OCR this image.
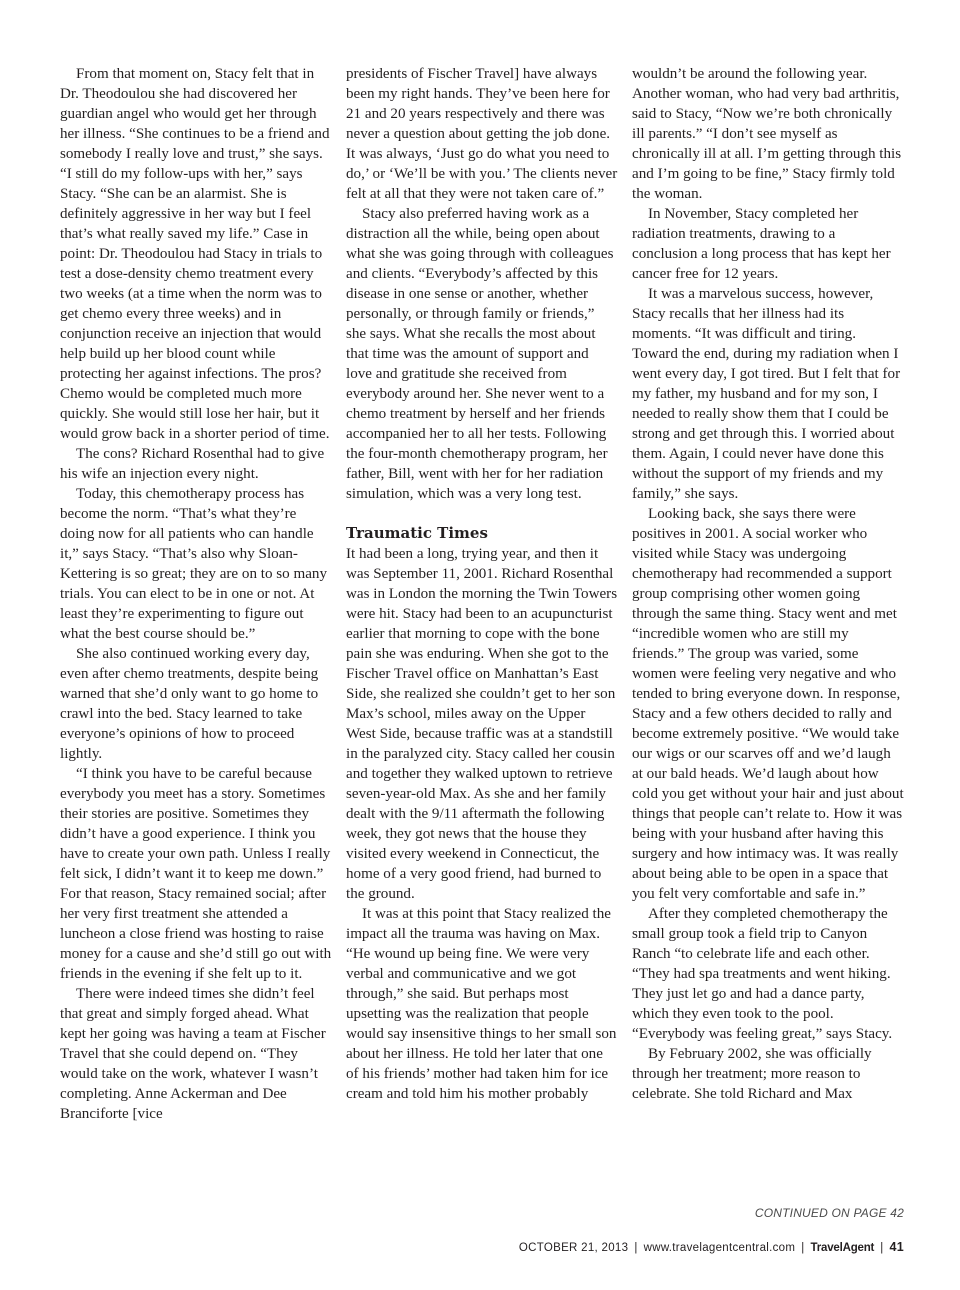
From that moment on, Stacy felt that in Dr. Theodoulou she had discovered her guardian angel who would get her through her illness. “She continues to be a friend and somebody I really love and trust,” she says. “I still do my follow-ups with her,” says Stacy. “She can be an alarmist. She is definitely aggressive in her way but I feel that’s what really saved my life.” Case in point: Dr. Theodoulou had Stacy in trials to test a dose-density chemo treatment every two weeks (at a time when the norm was to get chemo every three weeks) and in conjunction receive an injection that would help build up her blood count while protecting her against infections. The pros? Chemo would be completed much more quickly. She would still lose her hair, but it would grow back in a shorter period of time.

The cons? Richard Rosenthal had to give his wife an injection every night.

Today, this chemotherapy process has become the norm. “That’s what they’re doing now for all patients who can handle it,” says Stacy. “That’s also why Sloan-Kettering is so great; they are on to so many trials. You can elect to be in one or not. At least they’re experimenting to figure out what the best course should be.”

She also continued working every day, even after chemo treatments, despite being warned that she’d only want to go home to crawl into the bed. Stacy learned to take everyone’s opinions of how to proceed lightly.

“I think you have to be careful because everybody you meet has a story. Sometimes their stories are positive. Sometimes they didn’t have a good experience. I think you have to create your own path. Unless I really felt sick, I didn’t want it to keep me down.” For that reason, Stacy remained social; after her very first treatment she attended a luncheon a close friend was hosting to raise money for a cause and she’d still go out with friends in the evening if she felt up to it.

There were indeed times she didn’t feel that great and simply forged ahead. What kept her going was having a team at Fischer Travel that she could depend on. “They would take on the work, whatever I wasn’t completing. Anne Ackerman and Dee Branciforte [vice

presidents of Fischer Travel] have always been my right hands. They’ve been here for 21 and 20 years respectively and there was never a question about getting the job done. It was always, ‘Just go do what you need to do,’ or ‘We’ll be with you.’ The clients never felt at all that they were not taken care of.”

Stacy also preferred having work as a distraction all the while, being open about what she was going through with colleagues and clients. “Everybody’s affected by this disease in one sense or another, whether personally, or through family or friends,” she says. What she recalls the most about that time was the amount of support and love and gratitude she received from everybody around her. She never went to a chemo treatment by herself and her friends accompanied her to all her tests. Following the four-month chemotherapy program, her father, Bill, went with her for her radiation simulation, which was a very long test.

Traumatic Times

It had been a long, trying year, and then it was September 11, 2001. Richard Rosenthal was in London the morning the Twin Towers were hit. Stacy had been to an acupuncturist earlier that morning to cope with the bone pain she was enduring. When she got to the Fischer Travel office on Manhattan’s East Side, she realized she couldn’t get to her son Max’s school, miles away on the Upper West Side, because traffic was at a standstill in the paralyzed city. Stacy called her cousin and together they walked uptown to retrieve seven-year-old Max. As she and her family dealt with the 9/11 aftermath the following week, they got news that the house they visited every weekend in Connecticut, the home of a very good friend, had burned to the ground.

It was at this point that Stacy realized the impact all the trauma was having on Max. “He wound up being fine. We were very verbal and communicative and we got through,” she said. But perhaps most upsetting was the realization that people would say insensitive things to her small son about her illness. He told her later that one of his friends’ mother had taken him for ice cream and told him his mother probably

wouldn’t be around the following year. Another woman, who had very bad arthritis, said to Stacy, “Now we’re both chronically ill parents.” “I don’t see myself as chronically ill at all. I’m getting through this and I’m going to be fine,” Stacy firmly told the woman.

In November, Stacy completed her radiation treatments, drawing to a conclusion a long process that has kept her cancer free for 12 years.

It was a marvelous success, however, Stacy recalls that her illness had its moments. “It was difficult and tiring. Toward the end, during my radiation when I went every day, I got tired. But I felt that for my father, my husband and for my son, I needed to really show them that I could be strong and get through this. I worried about them. Again, I could never have done this without the support of my friends and my family,” she says.

Looking back, she says there were positives in 2001. A social worker who visited while Stacy was undergoing chemotherapy had recommended a support group comprising other women going through the same thing. Stacy went and met “incredible women who are still my friends.” The group was varied, some women were feeling very negative and who tended to bring everyone down. In response, Stacy and a few others decided to rally and become extremely positive. “We would take our wigs or our scarves off and we’d laugh at our bald heads. We’d laugh about how cold you get without your hair and just about things that people can’t relate to. How it was being with your husband after having this surgery and how intimacy was. It was really about being able to be open in a space that you felt very comfortable and safe in.”

After they completed chemotherapy the small group took a field trip to Canyon Ranch “to celebrate life and each other. “They had spa treatments and went hiking. They just let go and had a dance party, which they even took to the pool. “Everybody was feeling great,” says Stacy.

By February 2002, she was officially through her treatment; more reason to celebrate. She told Richard and Max

CONTINUED ON PAGE 42
OCTOBER 21, 2013 | www.travelagentcentral.com | TravelAgent | 41
